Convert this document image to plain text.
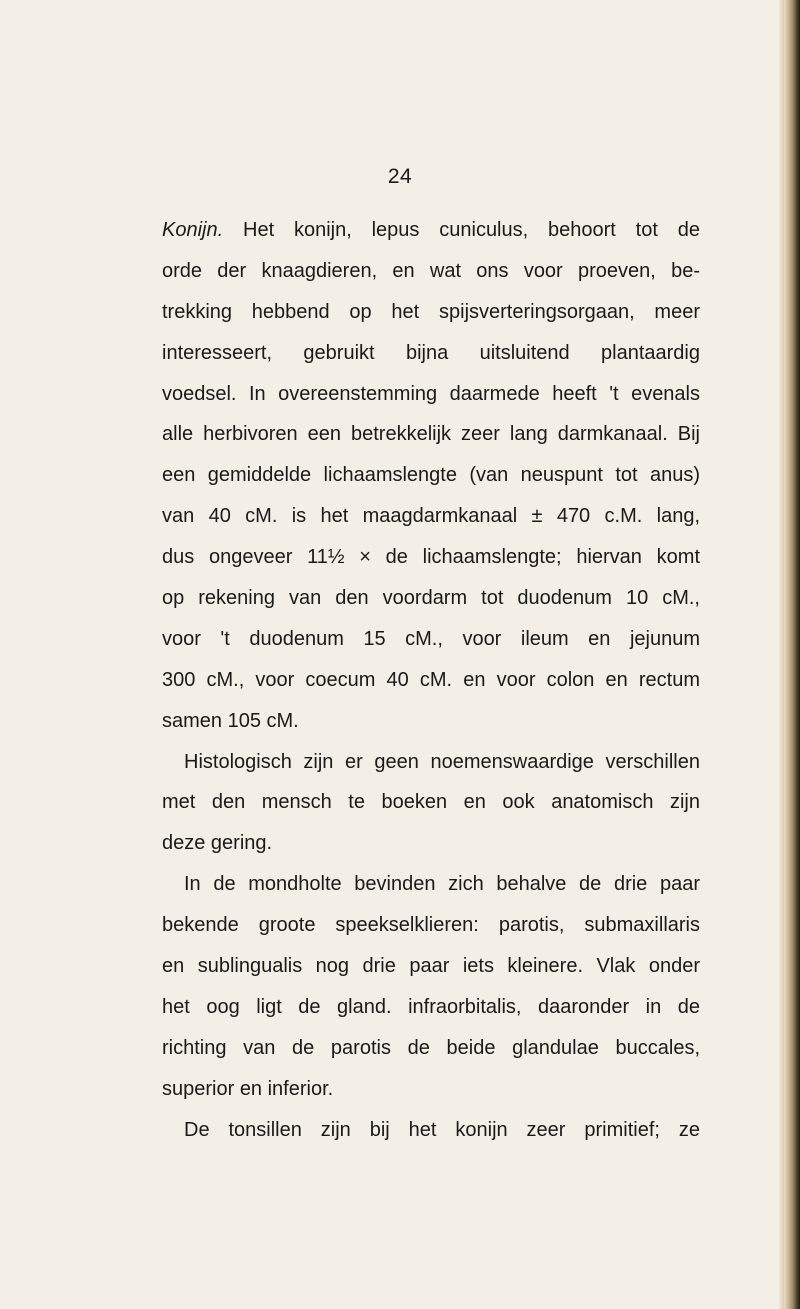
24
Konijn. Het konijn, lepus cuniculus, behoort tot de
orde der knaagdieren, en wat ons voor proeven, be-
trekking hebbend op het spijsverteringsorgaan, meer
interesseert, gebruikt bijna uitsluitend plantaardig
voedsel. In overeenstemming daarmede heeft 't evenals
alle herbivoren een betrekkelijk zeer lang darmkanaal. Bij
een gemiddelde lichaamslengte (van neuspunt tot anus)
van 40 cM. is het maagdarmkanaal ± 470 c.M. lang,
dus ongeveer 11½ × de lichaamslengte; hiervan komt
op rekening van den voordarm tot duodenum 10 cM.,
voor 't duodenum 15 cM., voor ileum en jejunum
300 cM., voor coecum 40 cM. en voor colon en rectum
samen 105 cM.
Histologisch zijn er geen noemenswaardige verschillen
met den mensch te boeken en ook anatomisch zijn
deze gering.
In de mondholte bevinden zich behalve de drie paar
bekende groote speekselklieren: parotis, submaxillaris
en sublingualis nog drie paar iets kleinere. Vlak onder
het oog ligt de gland. infraorbitalis, daaronder in de
richting van de parotis de beide glandulae buccales,
superior en inferior.
De tonsillen zijn bij het konijn zeer primitief; ze
